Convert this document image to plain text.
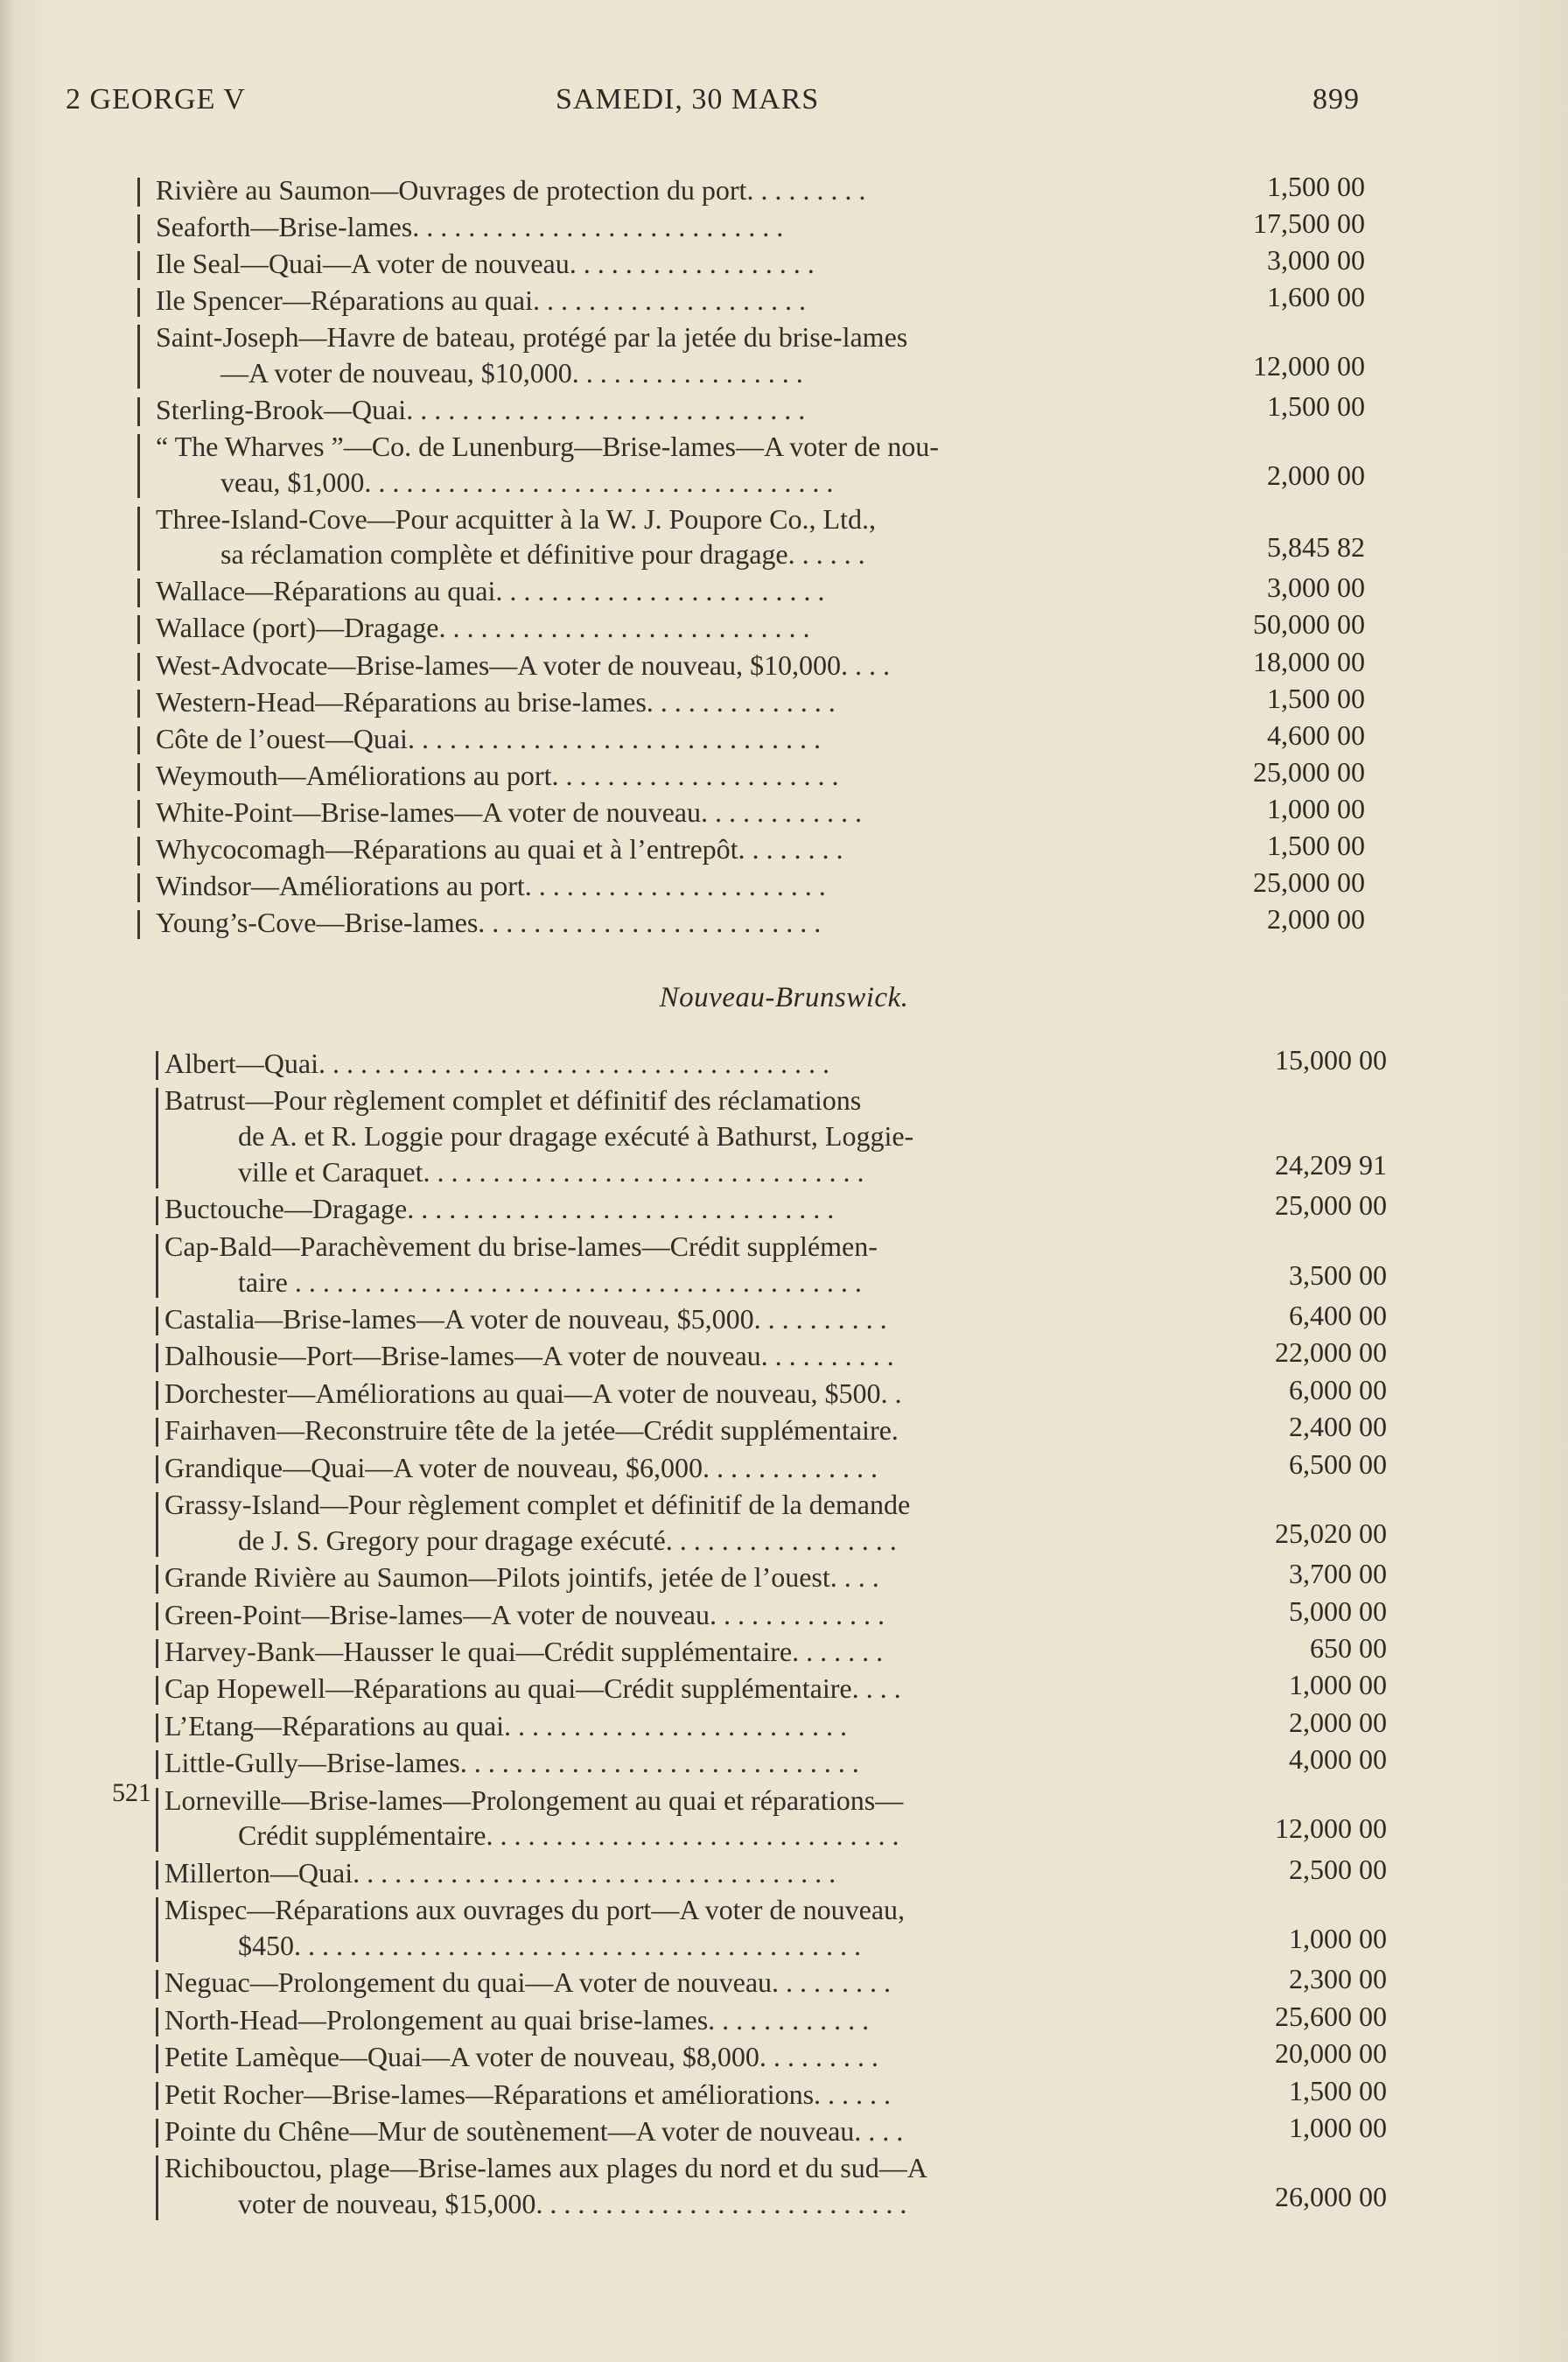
2 GEORGE V	SAMEDI, 30 MARS	899
Rivière au Saumon—Ouvrages de protection du port. . . . . . . . .	1,500 00
Seaforth—Brise-lames. . . . . . . . . . . . . . . . . . . . . . . . . . .	17,500 00
Ile Seal—Quai—A voter de nouveau. . . . . . . . . . . . . . . . . .	3,000 00
Ile Spencer—Réparations au quai. . . . . . . . . . . . . . . . . . . .	1,600 00
Saint-Joseph—Havre de bateau, protégé par la jetée du brise-lames
—A voter de nouveau, $10,000. . . . . . . . . . . . . . . . .	12,000 00
Sterling-Brook—Quai. . . . . . . . . . . . . . . . . . . . . . . . . . . . .	1,500 00
“ The Wharves ”—Co. de Lunenburg—Brise-lames—A voter de nou-
veau, $1,000. . . . . . . . . . . . . . . . . . . . . . . . . . . . . . . . . .	2,000 00
Three-Island-Cove—Pour acquitter à la W. J. Poupore Co., Ltd.,
sa réclamation complète et définitive pour dragage. . . . . .	5,845 82
Wallace—Réparations au quai. . . . . . . . . . . . . . . . . . . . . . . .	3,000 00
Wallace (port)—Dragage. . . . . . . . . . . . . . . . . . . . . . . . . . .	50,000 00
West-Advocate—Brise-lames—A voter de nouveau, $10,000. . . .	18,000 00
Western-Head—Réparations au brise-lames. . . . . . . . . . . . . .	1,500 00
Côte de l’ouest—Quai. . . . . . . . . . . . . . . . . . . . . . . . . . . . . .	4,600 00
Weymouth—Améliorations au port. . . . . . . . . . . . . . . . . . . . .	25,000 00
White-Point—Brise-lames—A voter de nouveau. . . . . . . . . . . .	1,000 00
Whycocomagh—Réparations au quai et à l’entrepôt. . . . . . . .	1,500 00
Windsor—Améliorations au port. . . . . . . . . . . . . . . . . . . . . .	25,000 00
Young’s-Cove—Brise-lames. . . . . . . . . . . . . . . . . . . . . . . . .	2,000 00
Nouveau-Brunswick.
Albert—Quai. . . . . . . . . . . . . . . . . . . . . . . . . . . . . . . . . . . . .	15,000 00
Batrust—Pour règlement complet et définitif des réclamations
de A. et R. Loggie pour dragage exécuté à Bathurst, Loggie-
ville et Caraquet. . . . . . . . . . . . . . . . . . . . . . . . . . . . . . . .	24,209 91
Buctouche—Dragage. . . . . . . . . . . . . . . . . . . . . . . . . . . . . . .	25,000 00
Cap-Bald—Parachèvement du brise-lames—Crédit supplémen-
taire . . . . . . . . . . . . . . . . . . . . . . . . . . . . . . . . . . . . . . . . .	3,500 00
Castalia—Brise-lames—A voter de nouveau, $5,000. . . . . . . . . .	6,400 00
Dalhousie—Port—Brise-lames—A voter de nouveau. . . . . . . . . .	22,000 00
Dorchester—Améliorations au quai—A voter de nouveau, $500. .	6,000 00
Fairhaven—Reconstruire tête de la jetée—Crédit supplémentaire.	2,400 00
Grandique—Quai—A voter de nouveau, $6,000. . . . . . . . . . . . .	6,500 00
Grassy-Island—Pour règlement complet et définitif de la demande
de J. S. Gregory pour dragage exécuté. . . . . . . . . . . . . . . . .	25,020 00
Grande Rivière au Saumon—Pilots jointifs, jetée de l’ouest. . . .	3,700 00
Green-Point—Brise-lames—A voter de nouveau. . . . . . . . . . . . .	5,000 00
Harvey-Bank—Hausser le quai—Crédit supplémentaire. . . . . . .	650 00
Cap Hopewell—Réparations au quai—Crédit supplémentaire. . . .	1,000 00
L’Etang—Réparations au quai. . . . . . . . . . . . . . . . . . . . . . . . .	2,000 00
Little-Gully—Brise-lames. . . . . . . . . . . . . . . . . . . . . . . . . . . . .	4,000 00
Lorneville—Brise-lames—Prolongement au quai et réparations—
Crédit supplémentaire. . . . . . . . . . . . . . . . . . . . . . . . . . . . . .	12,000 00
Millerton—Quai. . . . . . . . . . . . . . . . . . . . . . . . . . . . . . . . . . .	2,500 00
Mispec—Réparations aux ouvrages du port—A voter de nouveau,
$450. . . . . . . . . . . . . . . . . . . . . . . . . . . . . . . . . . . . . . . . .	1,000 00
Neguac—Prolongement du quai—A voter de nouveau. . . . . . . . .	2,300 00
North-Head—Prolongement au quai brise-lames. . . . . . . . . . . .	25,600 00
Petite Lamèque—Quai—A voter de nouveau, $8,000. . . . . . . . .	20,000 00
Petit Rocher—Brise-lames—Réparations et améliorations. . . . . .	1,500 00
Pointe du Chêne—Mur de soutènement—A voter de nouveau. . . .	1,000 00
Richibouctou, plage—Brise-lames aux plages du nord et du sud—A
voter de nouveau, $15,000. . . . . . . . . . . . . . . . . . . . . . . . . . .	26,000 00
521
